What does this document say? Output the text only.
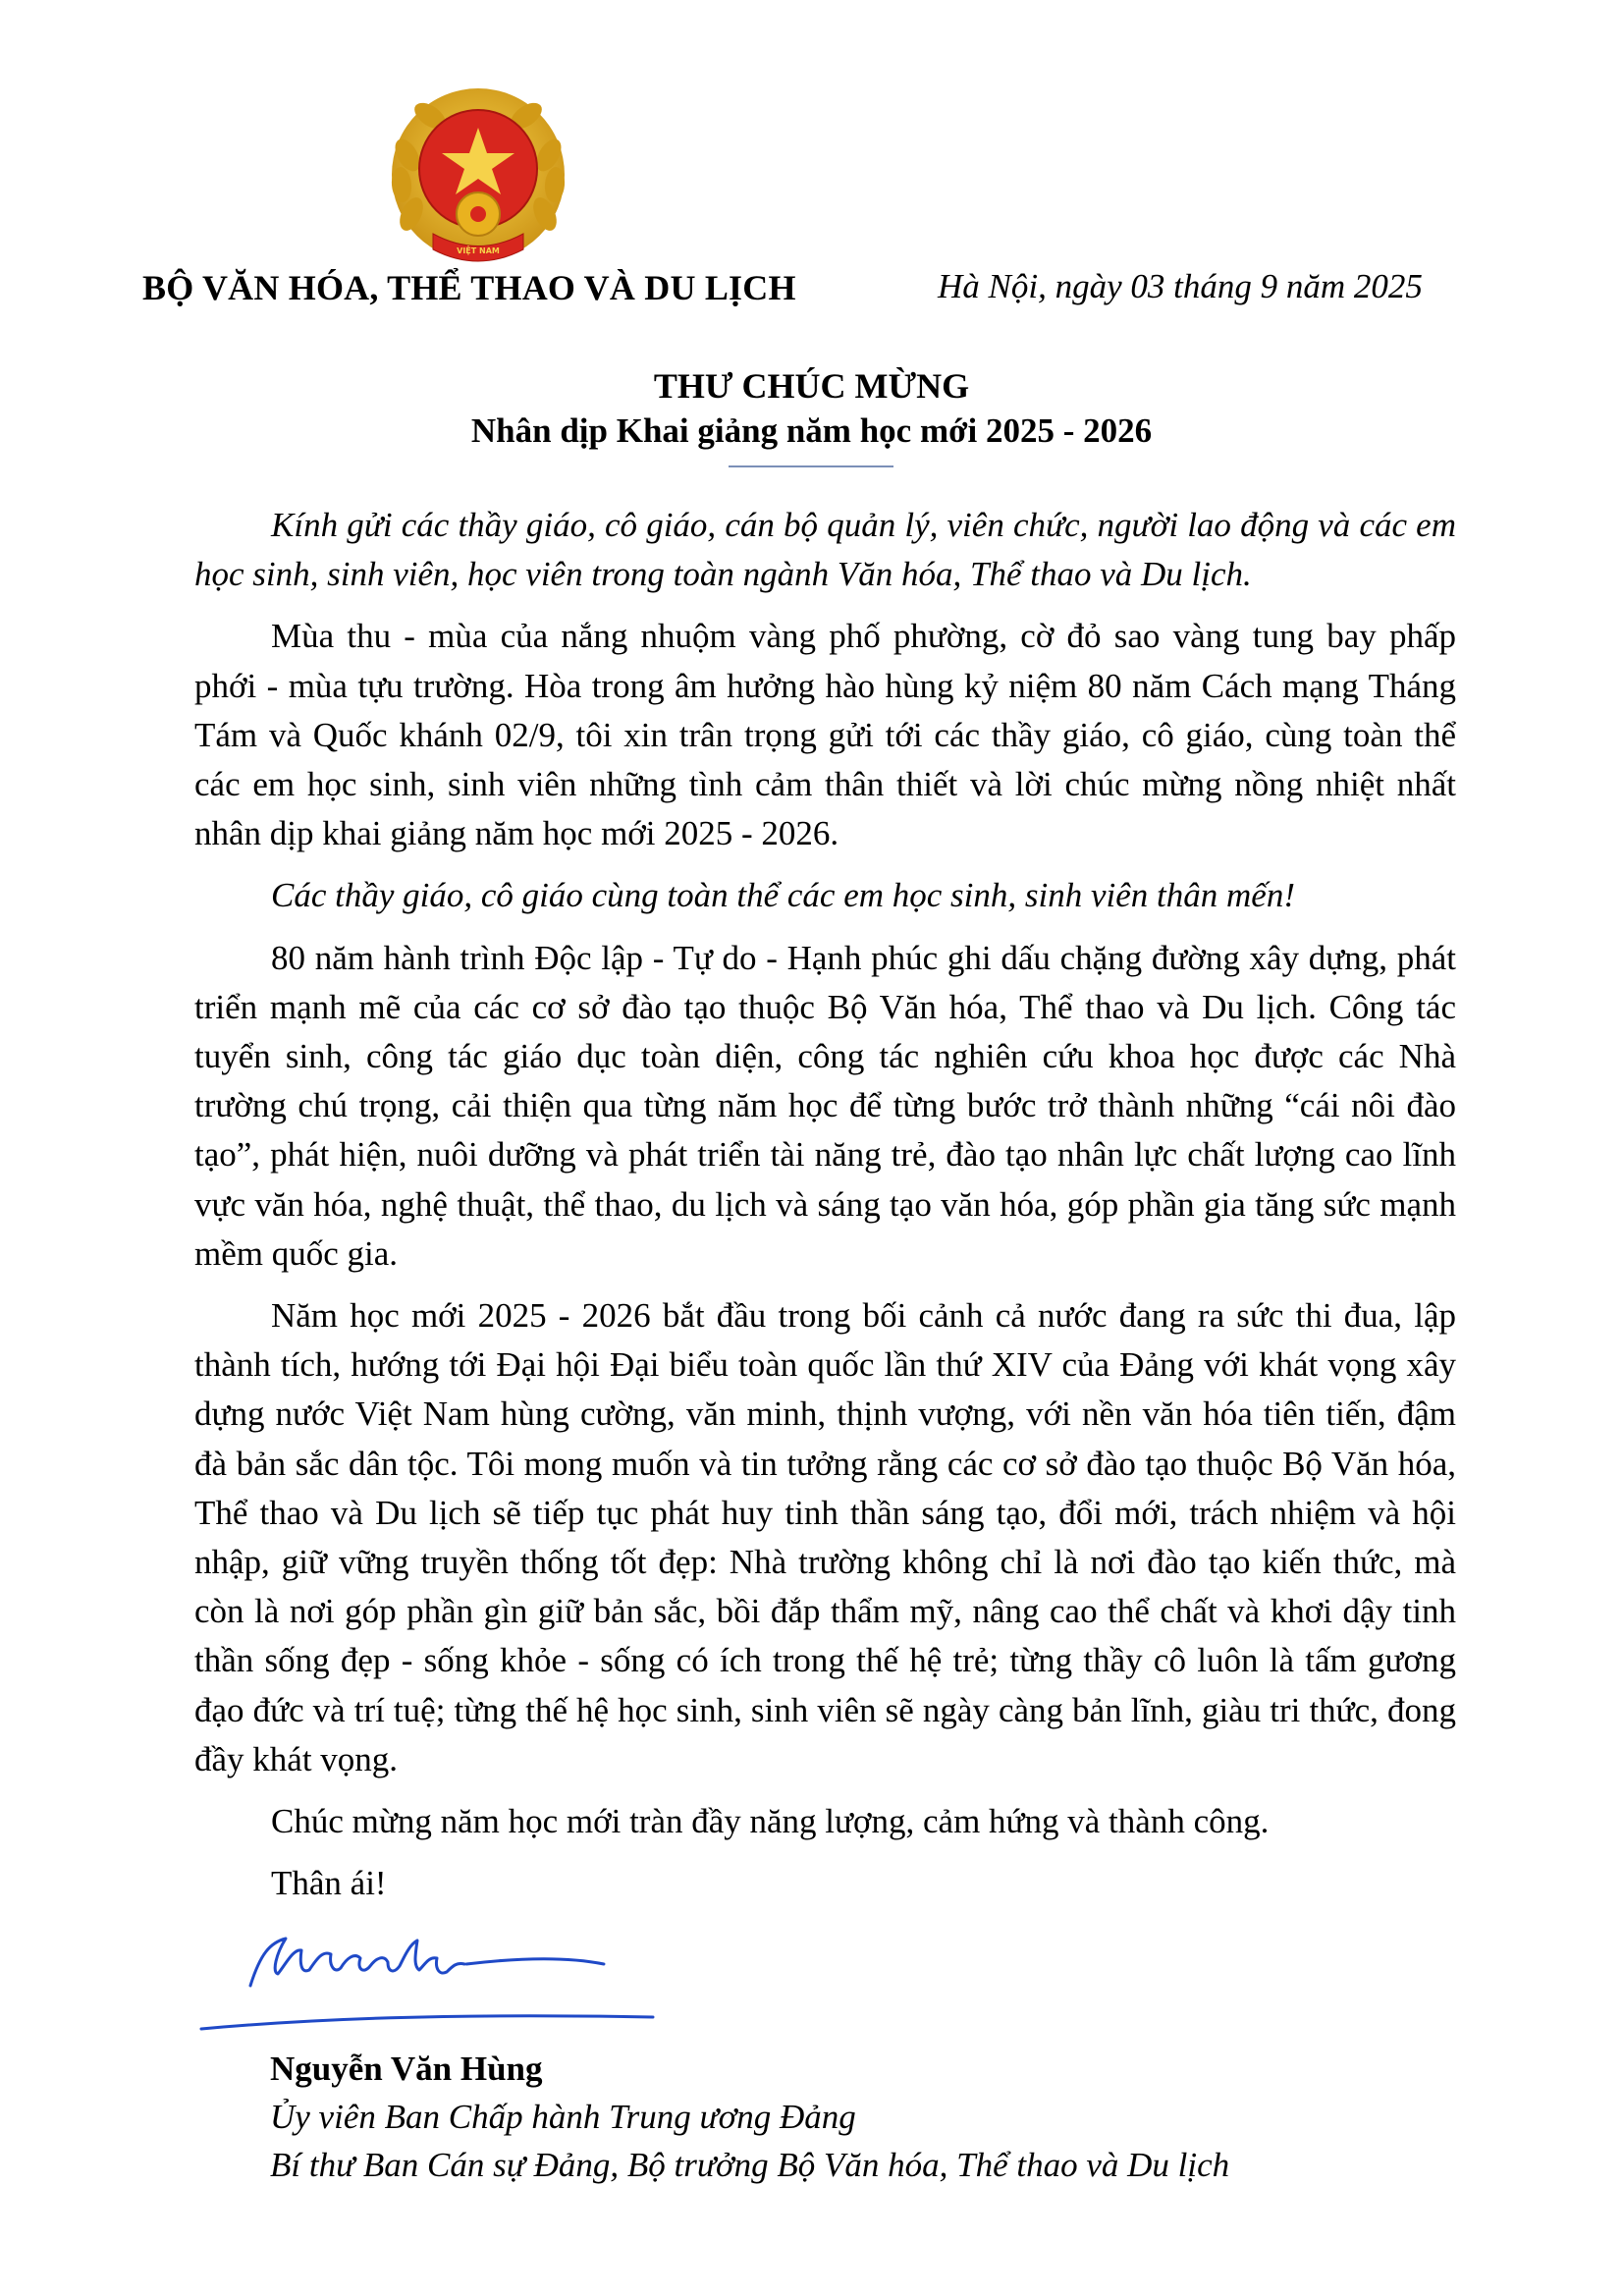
VIỆT NAM
BỘ VĂN HÓA, THỂ THAO VÀ DU LỊCH	Hà Nội, ngày 03 tháng 9 năm 2025
THƯ CHÚC MỪNG
Nhân dịp Khai giảng năm học mới 2025 - 2026

Kính gửi các thầy giáo, cô giáo, cán bộ quản lý, viên chức, người lao động và các em học sinh, sinh viên, học viên trong toàn ngành Văn hóa, Thể thao và Du lịch.

Mùa thu - mùa của nắng nhuộm vàng phố phường, cờ đỏ sao vàng tung bay phấp phới - mùa tựu trường. Hòa trong âm hưởng hào hùng kỷ niệm 80 năm Cách mạng Tháng Tám và Quốc khánh 02/9, tôi xin trân trọng gửi tới các thầy giáo, cô giáo, cùng toàn thể các em học sinh, sinh viên những tình cảm thân thiết và lời chúc mừng nồng nhiệt nhất nhân dịp khai giảng năm học mới 2025 - 2026.

Các thầy giáo, cô giáo cùng toàn thể các em học sinh, sinh viên thân mến!

80 năm hành trình Độc lập - Tự do - Hạnh phúc ghi dấu chặng đường xây dựng, phát triển mạnh mẽ của các cơ sở đào tạo thuộc Bộ Văn hóa, Thể thao và Du lịch. Công tác tuyển sinh, công tác giáo dục toàn diện, công tác nghiên cứu khoa học được các Nhà trường chú trọng, cải thiện qua từng năm học để từng bước trở thành những “cái nôi đào tạo”, phát hiện, nuôi dưỡng và phát triển tài năng trẻ, đào tạo nhân lực chất lượng cao lĩnh vực văn hóa, nghệ thuật, thể thao, du lịch và sáng tạo văn hóa, góp phần gia tăng sức mạnh mềm quốc gia.

Năm học mới 2025 - 2026 bắt đầu trong bối cảnh cả nước đang ra sức thi đua, lập thành tích, hướng tới Đại hội Đại biểu toàn quốc lần thứ XIV của Đảng với khát vọng xây dựng nước Việt Nam hùng cường, văn minh, thịnh vượng, với nền văn hóa tiên tiến, đậm đà bản sắc dân tộc. Tôi mong muốn và tin tưởng rằng các cơ sở đào tạo thuộc Bộ Văn hóa, Thể thao và Du lịch sẽ tiếp tục phát huy tinh thần sáng tạo, đổi mới, trách nhiệm và hội nhập, giữ vững truyền thống tốt đẹp: Nhà trường không chỉ là nơi đào tạo kiến thức, mà còn là nơi góp phần gìn giữ bản sắc, bồi đắp thẩm mỹ, nâng cao thể chất và khơi dậy tinh thần sống đẹp - sống khỏe - sống có ích trong thế hệ trẻ; từng thầy cô luôn là tấm gương đạo đức và trí tuệ; từng thế hệ học sinh, sinh viên sẽ ngày càng bản lĩnh, giàu tri thức, đong đầy khát vọng.

Chúc mừng năm học mới tràn đầy năng lượng, cảm hứng và thành công.

Thân ái!

Nguyễn Văn Hùng
Ủy viên Ban Chấp hành Trung ương Đảng
Bí thư Ban Cán sự Đảng, Bộ trưởng Bộ Văn hóa, Thể thao và Du lịch
